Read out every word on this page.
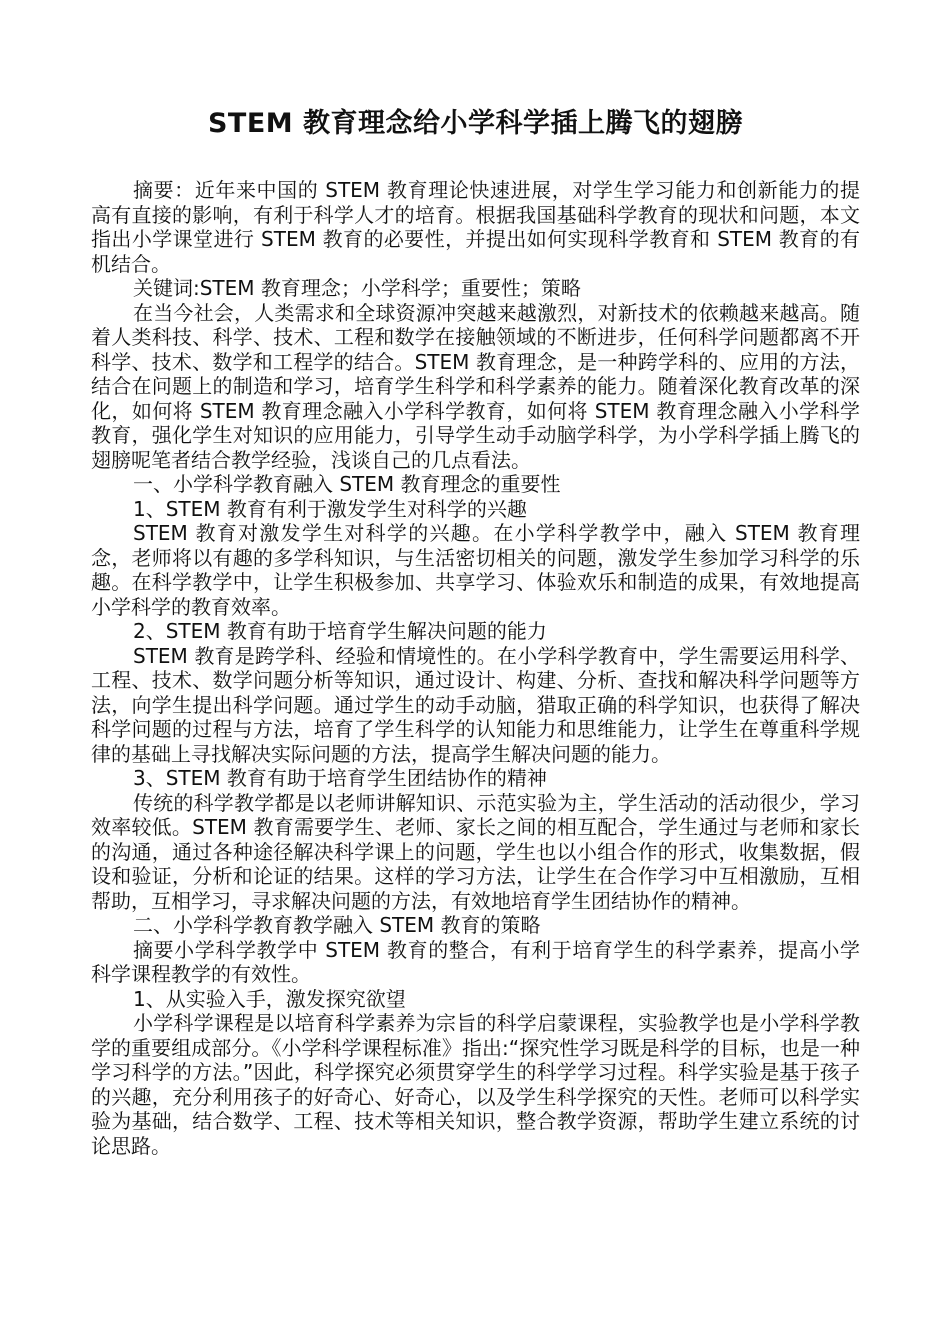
STEM 教育理念给小学科学插上腾飞的翅膀

摘要：近年来中国的 STEM 教育理论快速进展，对学生学习能力和创新能力的提高有直接的影响，有利于科学人才的培育。根据我国基础科学教育的现状和问题，本文指出小学课堂进行 STEM 教育的必要性，并提出如何实现科学教育和 STEM 教育的有机结合。

关键词:STEM 教育理念；小学科学；重要性；策略

在当今社会，人类需求和全球资源冲突越来越激烈，对新技术的依赖越来越高。随着人类科技、科学、技术、工程和数学在接触领域的不断进步，任何科学问题都离不开科学、技术、数学和工程学的结合。STEM 教育理念，是一种跨学科的、应用的方法，结合在问题上的制造和学习，培育学生科学和科学素养的能力。随着深化教育改革的深化，如何将 STEM 教育理念融入小学科学教育，如何将 STEM 教育理念融入小学科学教育，强化学生对知识的应用能力，引导学生动手动脑学科学，为小学科学插上腾飞的翅膀呢笔者结合教学经验，浅谈自己的几点看法。

一、小学科学教育融入 STEM 教育理念的重要性

1、STEM 教育有利于激发学生对科学的兴趣

STEM 教育对激发学生对科学的兴趣。在小学科学教学中，融入 STEM 教育理念，老师将以有趣的多学科知识，与生活密切相关的问题，激发学生参加学习科学的乐趣。在科学教学中，让学生积极参加、共享学习、体验欢乐和制造的成果，有效地提高小学科学的教育效率。

2、STEM 教育有助于培育学生解决问题的能力

STEM 教育是跨学科、经验和情境性的。在小学科学教育中，学生需要运用科学、工程、技术、数学问题分析等知识，通过设计、构建、分析、查找和解决科学问题等方法，向学生提出科学问题。通过学生的动手动脑，猎取正确的科学知识，也获得了解决科学问题的过程与方法，培育了学生科学的认知能力和思维能力，让学生在尊重科学规律的基础上寻找解决实际问题的方法，提高学生解决问题的能力。

3、STEM 教育有助于培育学生团结协作的精神

传统的科学教学都是以老师讲解知识、示范实验为主，学生活动的活动很少，学习效率较低。STEM 教育需要学生、老师、家长之间的相互配合，学生通过与老师和家长的沟通，通过各种途径解决科学课上的问题，学生也以小组合作的形式，收集数据，假设和验证，分析和论证的结果。这样的学习方法，让学生在合作学习中互相激励，互相帮助，互相学习，寻求解决问题的方法，有效地培育学生团结协作的精神。

二、小学科学教育教学融入 STEM 教育的策略

摘要小学科学教学中 STEM 教育的整合，有利于培育学生的科学素养，提高小学科学课程教学的有效性。

1、从实验入手，激发探究欲望

小学科学课程是以培育科学素养为宗旨的科学启蒙课程，实验教学也是小学科学教学的重要组成部分。《小学科学课程标准》指出:“探究性学习既是科学的目标，也是一种学习科学的方法。”因此，科学探究必须贯穿学生的科学学习过程。科学实验是基于孩子的兴趣，充分利用孩子的好奇心、好奇心，以及学生科学探究的天性。老师可以科学实验为基础，结合数学、工程、技术等相关知识，整合教学资源，帮助学生建立系统的讨论思路。
